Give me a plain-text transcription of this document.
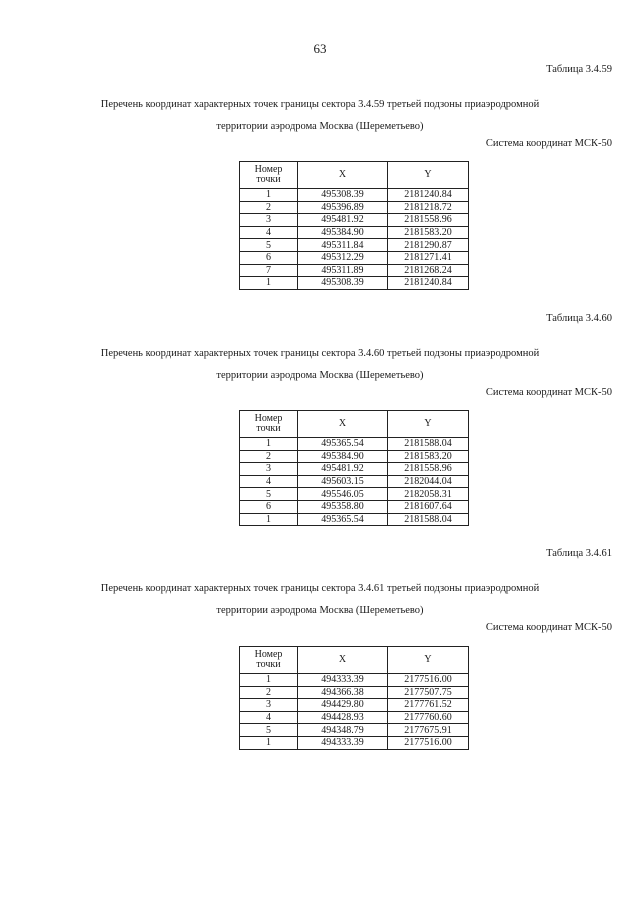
63
Таблица 3.4.59
Перечень координат характерных точек границы сектора 3.4.59 третьей подзоны приаэродромной
территории аэродрома Москва (Шереметьево)
Система координат МСК-50
Номер
точки	X	Y
1	495308.39	2181240.84
2	495396.89	2181218.72
3	495481.92	2181558.96
4	495384.90	2181583.20
5	495311.84	2181290.87
6	495312.29	2181271.41
7	495311.89	2181268.24
1	495308.39	2181240.84
Таблица 3.4.60
Перечень координат характерных точек границы сектора 3.4.60 третьей подзоны приаэродромной
территории аэродрома Москва (Шереметьево)
Система координат МСК-50
Номер
точки	X	Y
1	495365.54	2181588.04
2	495384.90	2181583.20
3	495481.92	2181558.96
4	495603.15	2182044.04
5	495546.05	2182058.31
6	495358.80	2181607.64
1	495365.54	2181588.04
Таблица 3.4.61
Перечень координат характерных точек границы сектора 3.4.61 третьей подзоны приаэродромной
территории аэродрома Москва (Шереметьево)
Система координат МСК-50
Номер
точки	X	Y
1	494333.39	2177516.00
2	494366.38	2177507.75
3	494429.80	2177761.52
4	494428.93	2177760.60
5	494348.79	2177675.91
1	494333.39	2177516.00
